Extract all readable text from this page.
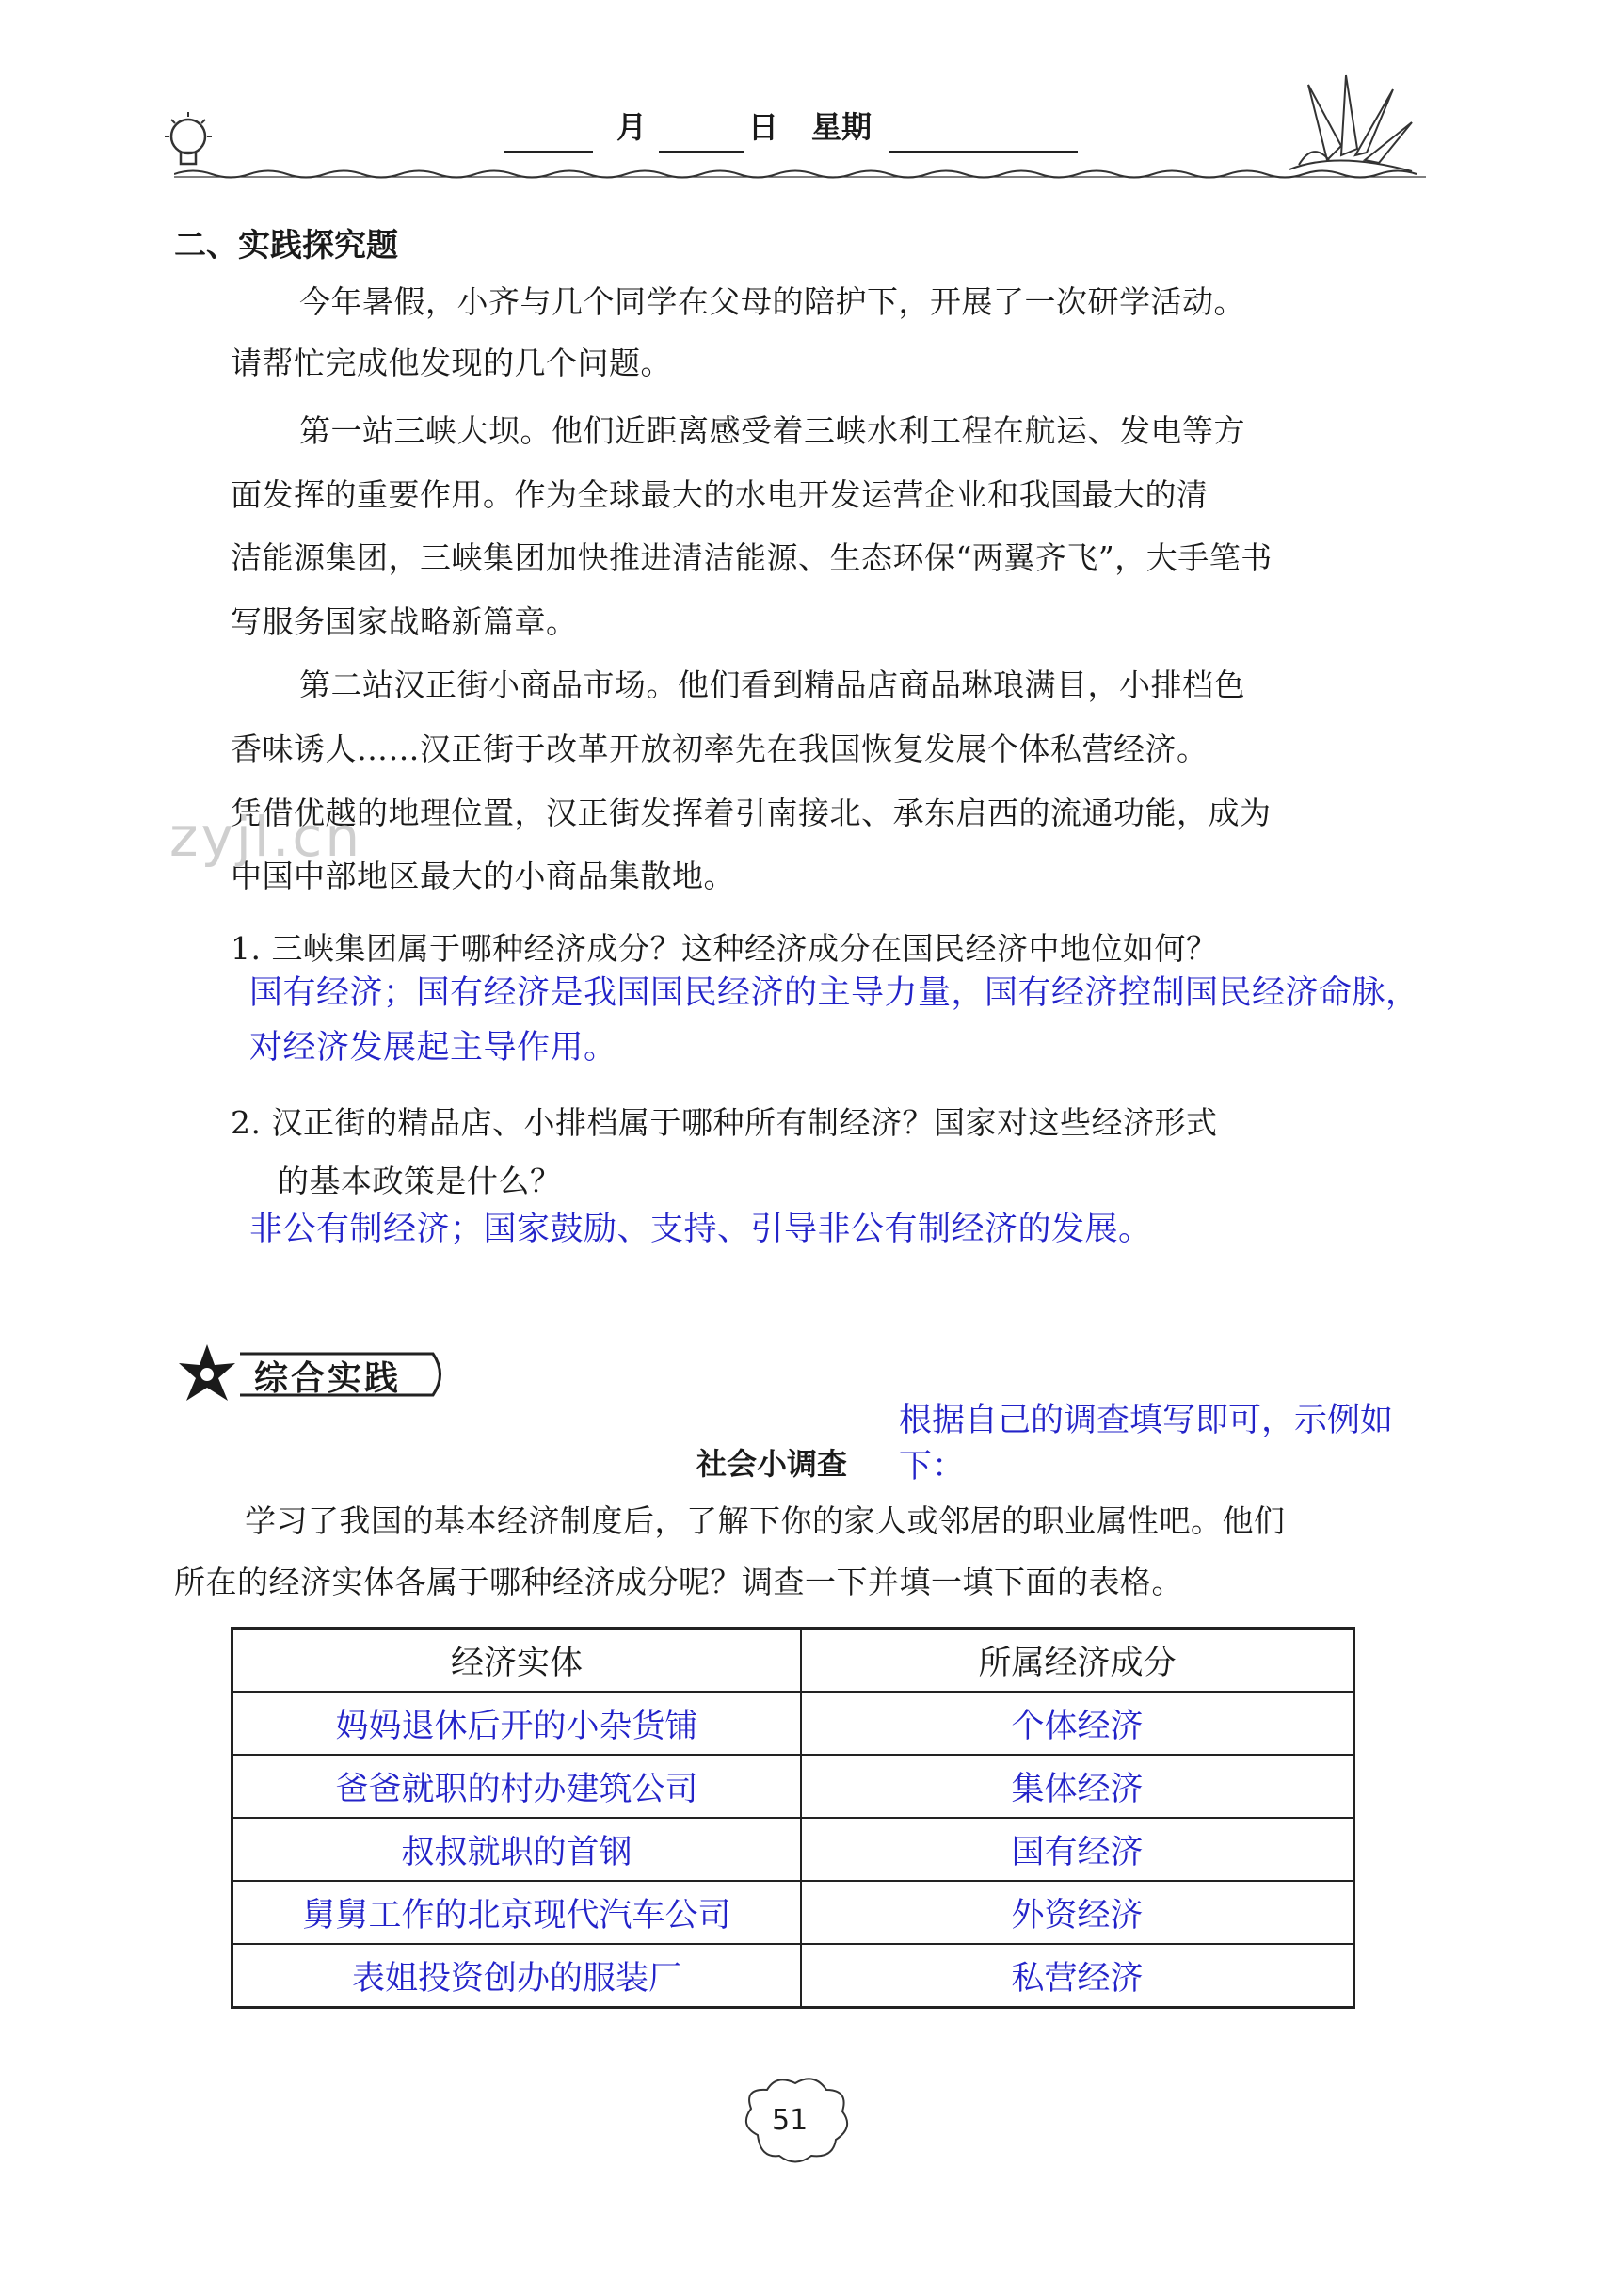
月	日 星期
二、实践探究题
今年暑假，小齐与几个同学在父母的陪护下，开展了一次研学活动。
请帮忙完成他发现的几个问题。
第一站三峡大坝。他们近距离感受着三峡水利工程在航运、发电等方
面发挥的重要作用。作为全球最大的水电开发运营企业和我国最大的清
洁能源集团，三峡集团加快推进清洁能源、生态环保“两翼齐飞”，大手笔书
写服务国家战略新篇章。
第二站汉正街小商品市场。他们看到精品店商品琳琅满目，小排档色
香味诱人……汉正街于改革开放初率先在我国恢复发展个体私营经济。
凭借优越的地理位置，汉正街发挥着引南接北、承东启西的流通功能，成为
中国中部地区最大的小商品集散地。
zyjl.cn
1. 三峡集团属于哪种经济成分？这种经济成分在国民经济中地位如何？
国有经济；国有经济是我国国民经济的主导力量，国有经济控制国民经济命脉，
对经济发展起主导作用。
2. 汉正街的精品店、小排档属于哪种所有制经济？国家对这些经济形式
的基本政策是什么？
非公有制经济；国家鼓励、支持、引导非公有制经济的发展。
综合实践
根据自己的调查填写即可，示例如下：
社会小调查
学习了我国的基本经济制度后，了解下你的家人或邻居的职业属性吧。他们
所在的经济实体各属于哪种经济成分呢？调查一下并填一填下面的表格。
经济实体	所属经济成分
妈妈退休后开的小杂货铺	个体经济
爸爸就职的村办建筑公司	集体经济
叔叔就职的首钢	国有经济
舅舅工作的北京现代汽车公司	外资经济
表姐投资创办的服装厂	私营经济
51
